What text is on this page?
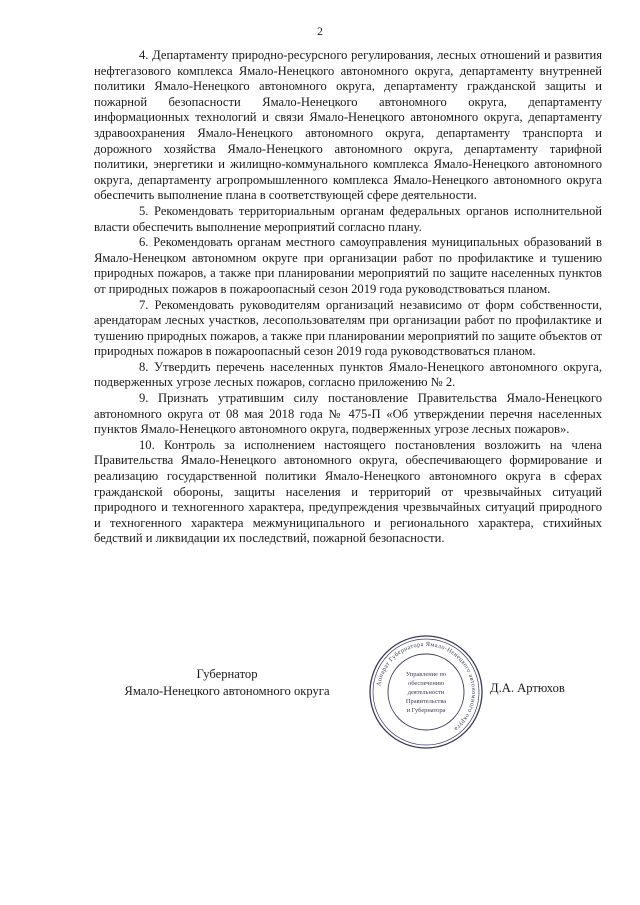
2

4. Департаменту природно-ресурсного регулирования, лесных отношений и развития нефтегазового комплекса Ямало-Ненецкого автономного округа, департаменту внутренней политики Ямало-Ненецкого автономного округа, департаменту гражданской защиты и пожарной безопасности Ямало-Ненецкого автономного округа, департаменту информационных технологий и связи Ямало-Ненецкого автономного округа, департаменту здравоохранения Ямало-Ненецкого автономного округа, департаменту транспорта и дорожного хозяйства Ямало-Ненецкого автономного округа, департаменту тарифной политики, энергетики и жилищно-коммунального комплекса Ямало-Ненецкого автономного округа, департаменту агропромышленного комплекса Ямало-Ненецкого автономного округа обеспечить выполнение плана в соответствующей сфере деятельности.

5. Рекомендовать территориальным органам федеральных органов исполнительной власти обеспечить выполнение мероприятий согласно плану.

6. Рекомендовать органам местного самоуправления муниципальных образований в Ямало-Ненецком автономном округе при организации работ по профилактике и тушению природных пожаров, а также при планировании мероприятий по защите населенных пунктов от природных пожаров в пожароопасный сезон 2019 года руководствоваться планом.

7. Рекомендовать руководителям организаций независимо от форм собственности, арендаторам лесных участков, лесопользователям при организации работ по профилактике и тушению природных пожаров, а также при планировании мероприятий по защите объектов от природных пожаров в пожароопасный сезон 2019 года руководствоваться планом.

8. Утвердить перечень населенных пунктов Ямало-Ненецкого автономного округа, подверженных угрозе лесных пожаров, согласно приложению № 2.

9. Признать утратившим силу постановление Правительства Ямало-Ненецкого автономного округа от 08 мая 2018 года № 475-П «Об утверждении перечня населенных пунктов Ямало-Ненецкого автономного округа, подверженных угрозе лесных пожаров».

10. Контроль за исполнением настоящего постановления возложить на члена Правительства Ямало-Ненецкого автономного округа, обеспечивающего формирование и реализацию государственной политики Ямало-Ненецкого автономного округа в сферах гражданской обороны, защиты населения и территорий от чрезвычайных ситуаций природного и техногенного характера, предупреждения чрезвычайных ситуаций природного и техногенного характера межмуниципального и регионального характера, стихийных бедствий и ликвидации их последствий, пожарной безопасности.

Губернатор
Ямало-Ненецкого автономного округа
Аппарат Губернатора Ямало-Ненецкого автономного округа
Управление по
обеспечению
деятельности
Правительства
и Губернатора
Д.А. Артюхов
